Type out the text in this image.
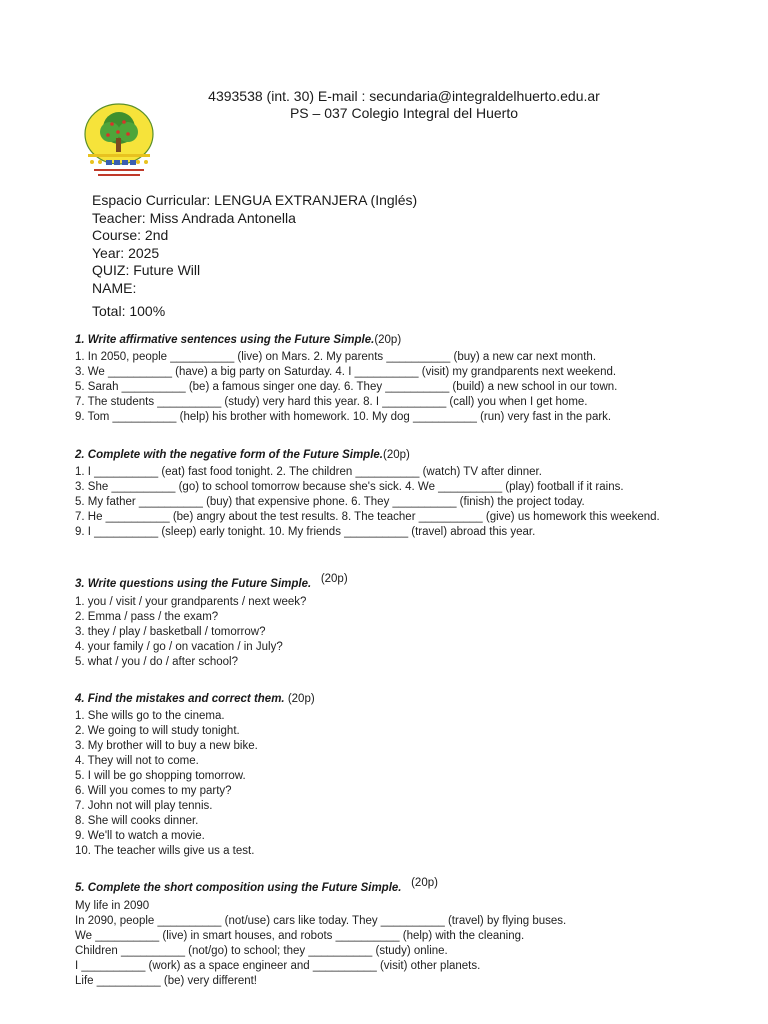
4393538 (int. 30) E-mail : secundaria@integraldelhuerto.edu.ar
PS – 037 Colegio Integral del Huerto
Espacio Curricular: LENGUA EXTRANJERA (Inglés)
Teacher: Miss Andrada Antonella
Course: 2nd
Year: 2025
QUIZ: Future Will
NAME:
Total: 100%
1. Write affirmative sentences using the Future Simple.(20p)
1. In 2050, people __________ (live) on Mars. 2. My parents __________ (buy) a new car next month.
3. We __________ (have) a big party on Saturday. 4. I __________ (visit) my grandparents next weekend.
5. Sarah __________ (be) a famous singer one day. 6. They __________ (build) a new school in our town.
7. The students __________ (study) very hard this year. 8. I __________ (call) you when I get home.
9. Tom __________ (help) his brother with homework. 10. My dog __________ (run) very fast in the park.
2. Complete with the negative form of the Future Simple.(20p)
1. I __________ (eat) fast food tonight. 2. The children __________ (watch) TV after dinner.
3. She __________ (go) to school tomorrow because she's sick. 4. We __________ (play) football if it rains.
5. My father __________ (buy) that expensive phone. 6. They __________ (finish) the project today.
7. He __________ (be) angry about the test results. 8. The teacher __________ (give) us homework this weekend.
9. I __________ (sleep) early tonight. 10. My friends __________ (travel) abroad this year.
3. Write questions using the Future Simple. (20p)
1. you / visit / your grandparents / next week?
2. Emma / pass / the exam?
3. they / play / basketball / tomorrow?
4. your family / go / on vacation / in July?
5. what / you / do / after school?
4. Find the mistakes and correct them. (20p)
1. She wills go to the cinema.
2. We going to will study tonight.
3. My brother will to buy a new bike.
4. They will not to come.
5. I will be go shopping tomorrow.
6. Will you comes to my party?
7. John not will play tennis.
8. She will cooks dinner.
9. We'll to watch a movie.
10. The teacher wills give us a test.
5. Complete the short composition using the Future Simple. (20p)
My life in 2090
In 2090, people __________ (not/use) cars like today. They __________ (travel) by flying buses.
We __________ (live) in smart houses, and robots __________ (help) with the cleaning.
Children __________ (not/go) to school; they __________ (study) online.
I __________ (work) as a space engineer and __________ (visit) other planets.
Life __________ (be) very different!
